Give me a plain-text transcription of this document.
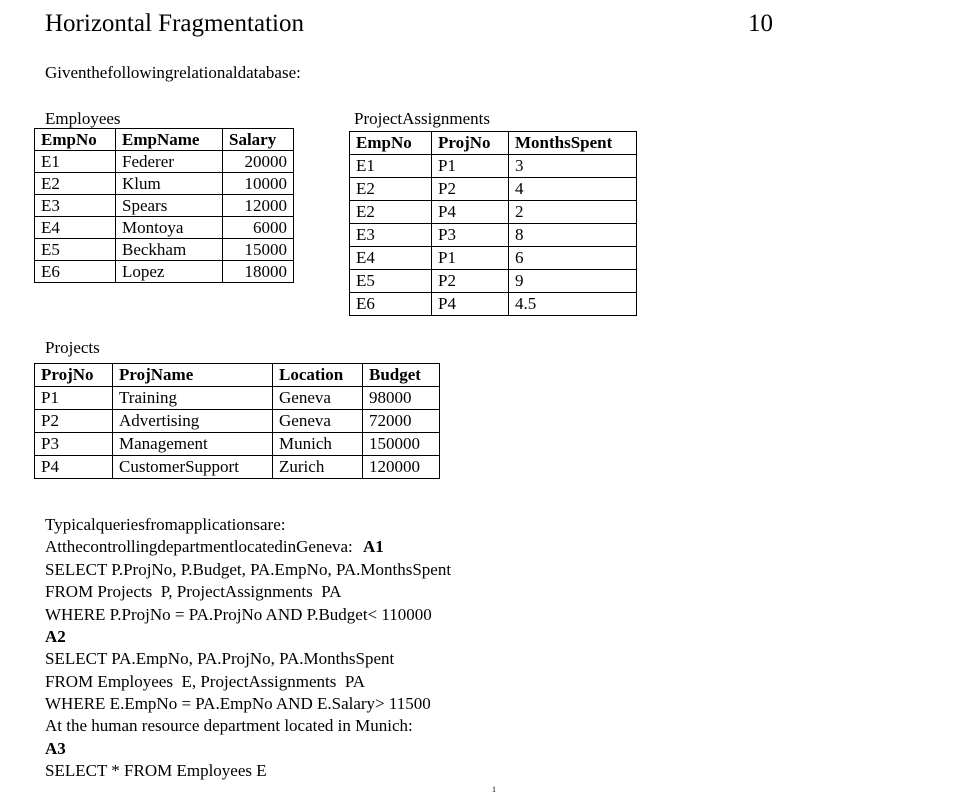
Horizontal Fragmentation	10
Giventhefollowingrelationaldatabase:
Employees
EmpNo	EmpName	Salary
E1	Federer	20000
E2	Klum	10000
E3	Spears	12000
E4	Montoya	6000
E5	Beckham	15000
E6	Lopez	18000
ProjectAssignments
EmpNo	ProjNo	MonthsSpent
E1	P1	3
E2	P2	4
E2	P4	2
E3	P3	8
E4	P1	6
E5	P2	9
E6	P4	4.5
Projects
ProjNo	ProjName	Location	Budget
P1	Training	Geneva	98000
P2	Advertising	Geneva	72000
P3	Management	Munich	150000
P4	CustomerSupport	Zurich	120000
Typicalqueriesfromapplicationsare:
AtthecontrollingdepartmentlocatedinGeneva: A1
SELECT P.ProjNo, P.Budget, PA.EmpNo, PA.MonthsSpent
FROM Projects  P, ProjectAssignments  PA
WHERE P.ProjNo = PA.ProjNo AND P.Budget< 110000
A2
SELECT PA.EmpNo, PA.ProjNo, PA.MonthsSpent
FROM Employees  E, ProjectAssignments  PA
WHERE E.EmpNo = PA.EmpNo AND E.Salary> 11500
At the human resource department located in Munich:
A3
SELECT * FROM Employees E
1
